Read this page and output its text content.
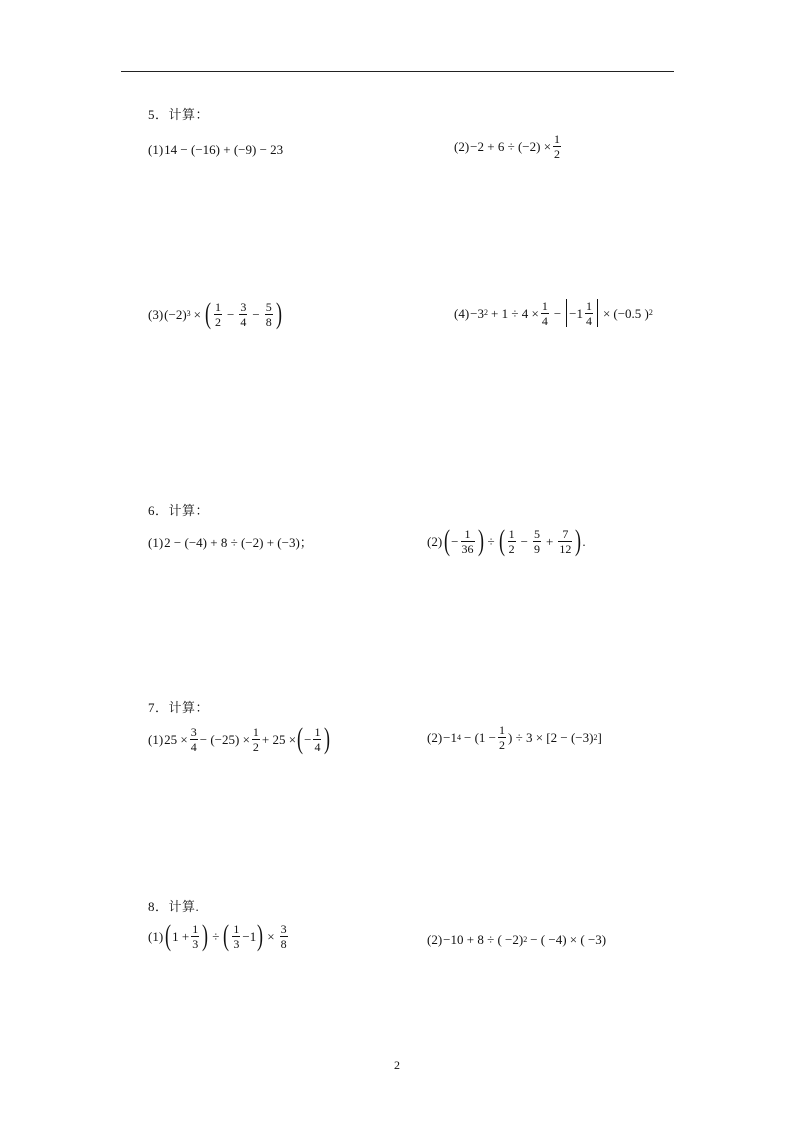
5．计算：
(1) 14 − (−16) + (−9) − 23	$(2) -2 + 6 \div (-2) \times \frac{1}{2}$
(3) (−2) 3 × ( $\frac{1}{2} - \frac{3}{4} - \frac{5}{8}$ )	(4) −3 $2 + 1 \div 4 \times \frac{1}{4} - -1 \frac{1}{4} \times (-0.5$ ) 2
6．计算：
(1) 2 − (−4) + 8 ÷ (−2) + (−3)；	(2) ( − $\frac{1}{36}$ ) ÷ ( $\frac{1}{2} - \frac{5}{9} + \frac{7}{12}$ ) .
7．计算：
(1) $25 \times \frac{3}{4} - (-25) \times \frac{1}{2} + 25$ × ( − $\frac{1}{4}$ )	(2) −1 $4 - (1 - \frac{1}{2}$ ) ÷ 3 × [2 − (−3) 2 ]
8．计算.
(1) ( $1 + \frac{1}{3}$ ) ÷ ( $\frac{1}{3} -1$ ) × $\frac{3}{8}$	(2) −10 + 8 ÷ ( −2) 2 − ( −4) × ( −3)
2
